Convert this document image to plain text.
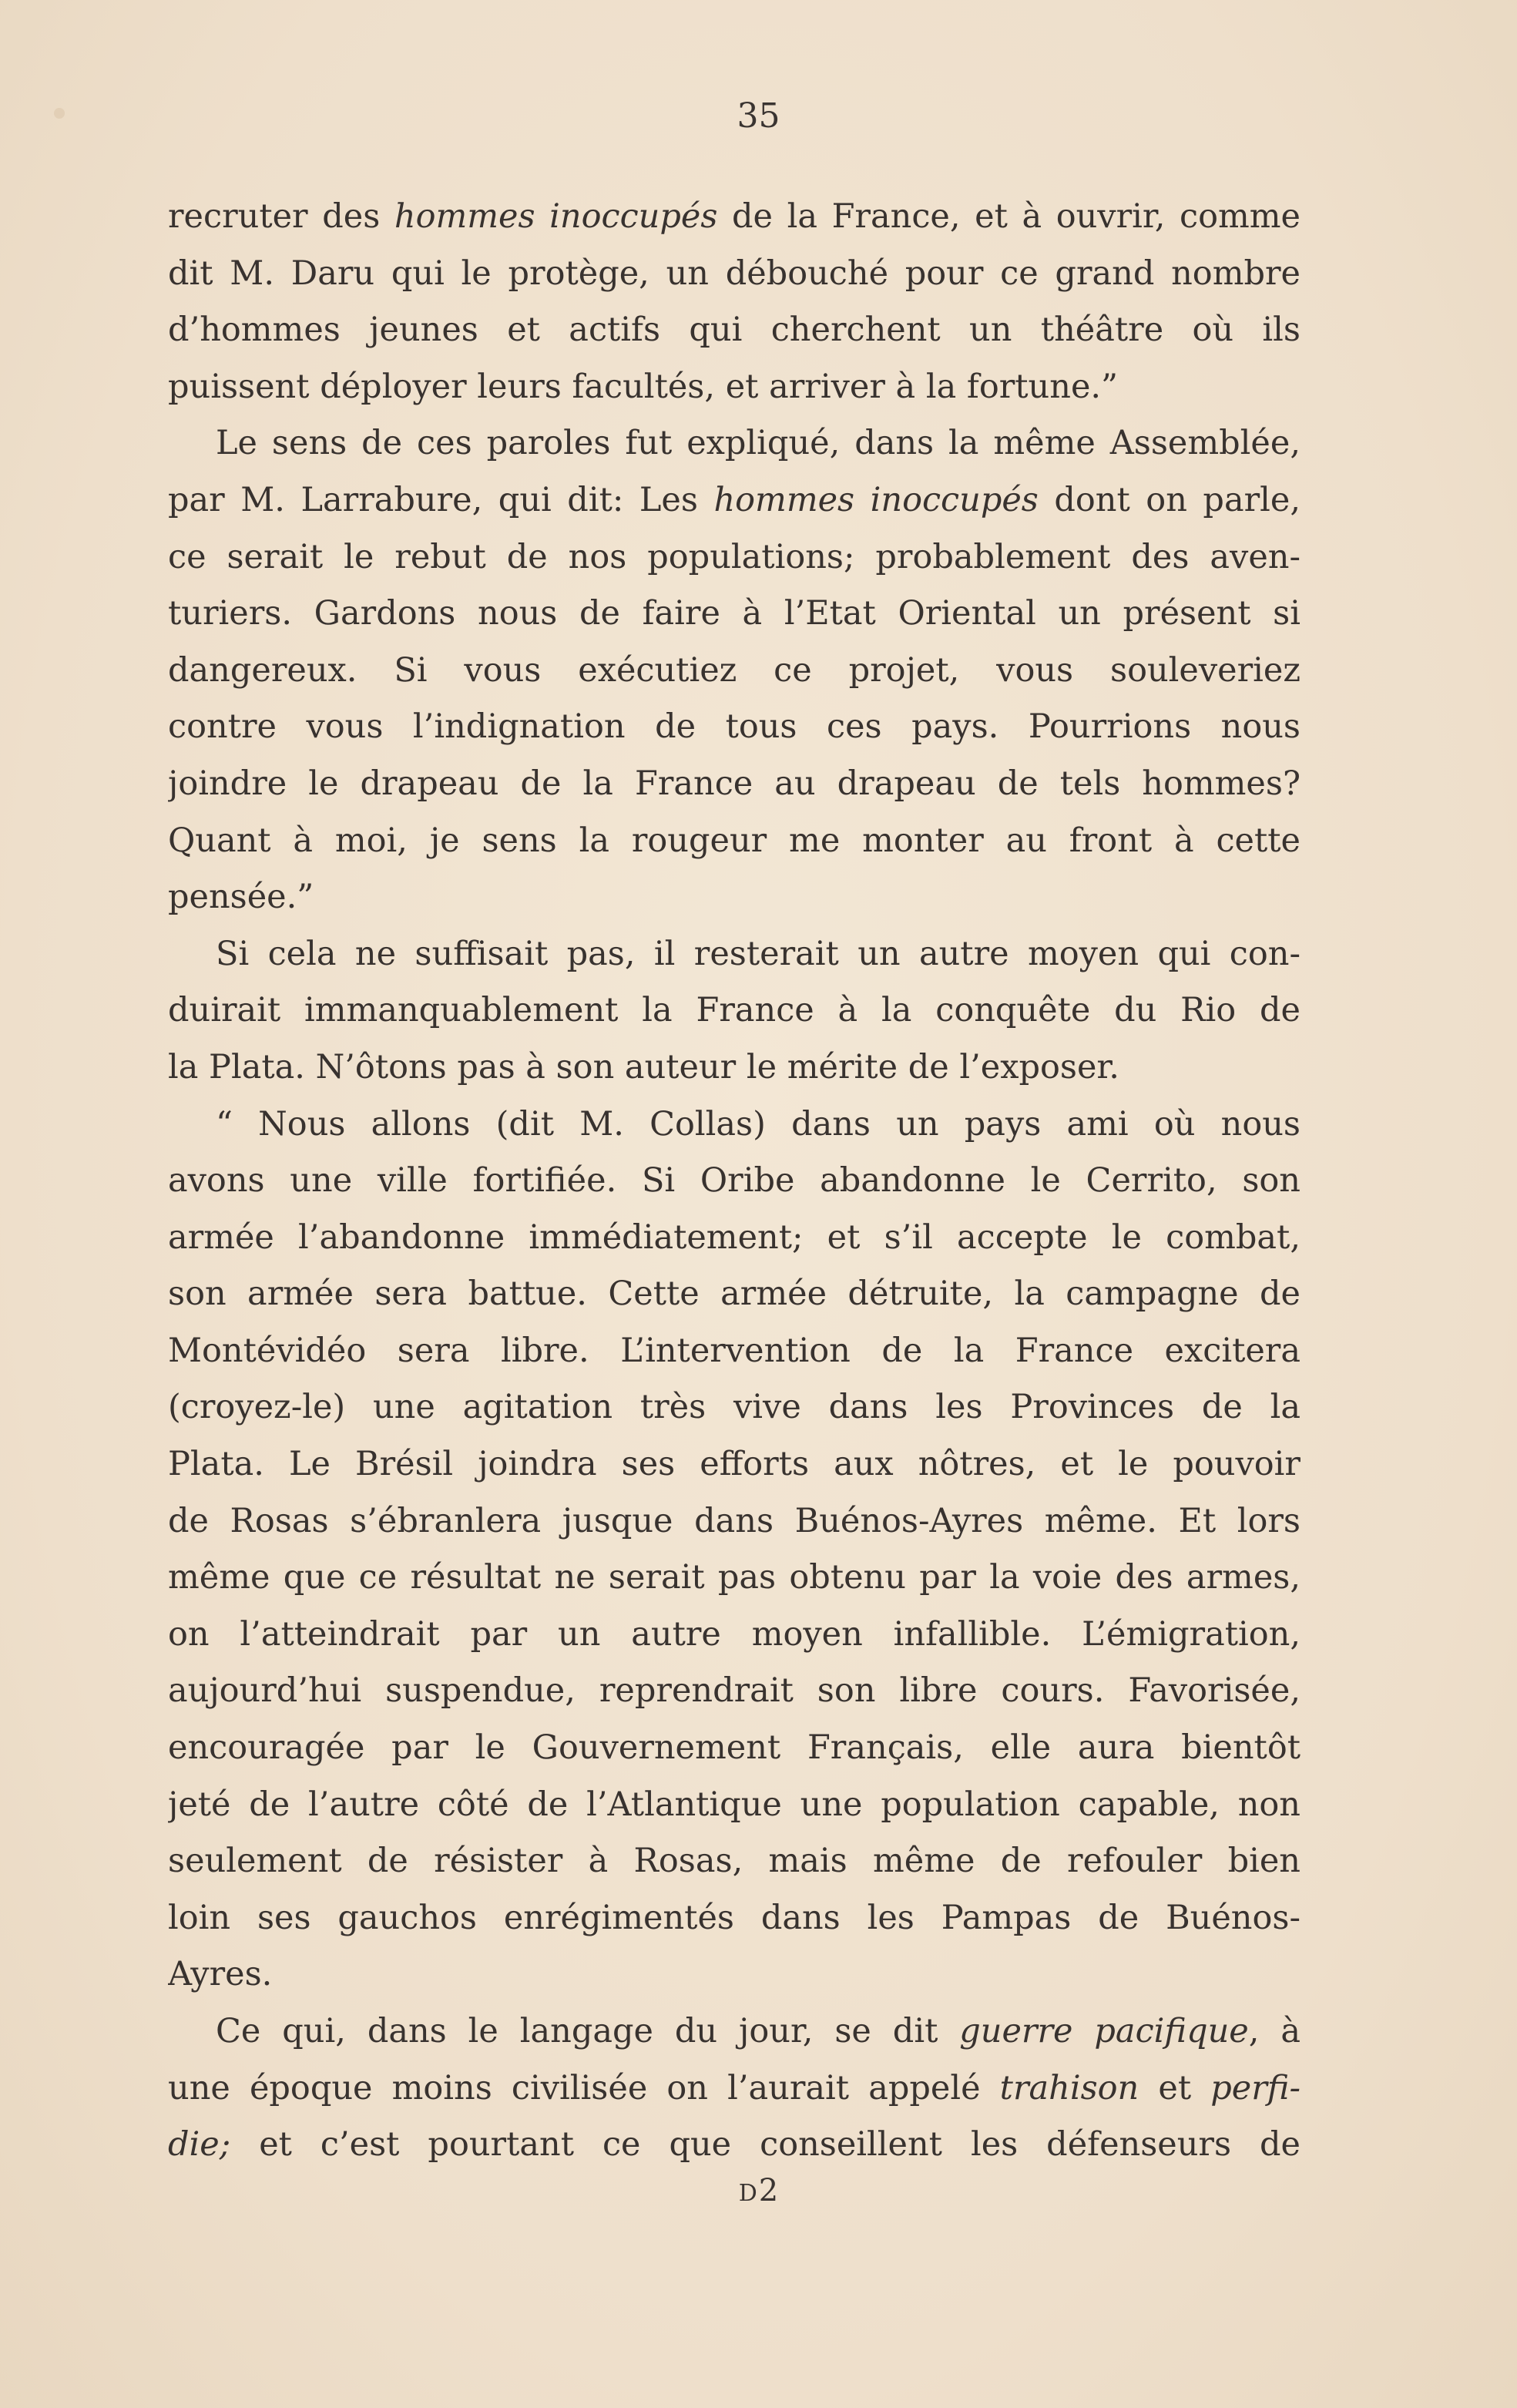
35
recruter des hommes inoccupés de la France, et à ouvrir, comme
dit M. Daru qui le protège, un débouché pour ce grand nombre
d’hommes jeunes et actifs qui cherchent un théâtre où ils
puissent déployer leurs facultés, et arriver à la fortune.”
Le sens de ces paroles fut expliqué, dans la même Assemblée,
par M. Larrabure, qui dit: Les hommes inoccupés dont on parle,
ce serait le rebut de nos populations; probablement des aven-
turiers. Gardons nous de faire à l’Etat Oriental un présent si
dangereux. Si vous exécutiez ce projet, vous souleveriez
contre vous l’indignation de tous ces pays. Pourrions nous
joindre le drapeau de la France au drapeau de tels hommes?
Quant à moi, je sens la rougeur me monter au front à cette
pensée.”
Si cela ne suffisait pas, il resterait un autre moyen qui con-
duirait immanquablement la France à la conquête du Rio de
la Plata. N’ôtons pas à son auteur le mérite de l’exposer.
“ Nous allons (dit M. Collas) dans un pays ami où nous
avons une ville fortifiée. Si Oribe abandonne le Cerrito, son
armée l’abandonne immédiatement; et s’il accepte le combat,
son armée sera battue. Cette armée détruite, la campagne de
Montévidéo sera libre. L’intervention de la France excitera
(croyez-le) une agitation très vive dans les Provinces de la
Plata. Le Brésil joindra ses efforts aux nôtres, et le pouvoir
de Rosas s’ébranlera jusque dans Buénos-Ayres même. Et lors
même que ce résultat ne serait pas obtenu par la voie des armes,
on l’atteindrait par un autre moyen infallible. L’émigration,
aujourd’hui suspendue, reprendrait son libre cours. Favorisée,
encouragée par le Gouvernement Français, elle aura bientôt
jeté de l’autre côté de l’Atlantique une population capable, non
seulement de résister à Rosas, mais même de refouler bien
loin ses gauchos enrégimentés dans les Pampas de Buénos-
Ayres.
Ce qui, dans le langage du jour, se dit guerre pacifique, à
une époque moins civilisée on l’aurait appelé trahison et perfi-
die; et c’est pourtant ce que conseillent les défenseurs de
D2
